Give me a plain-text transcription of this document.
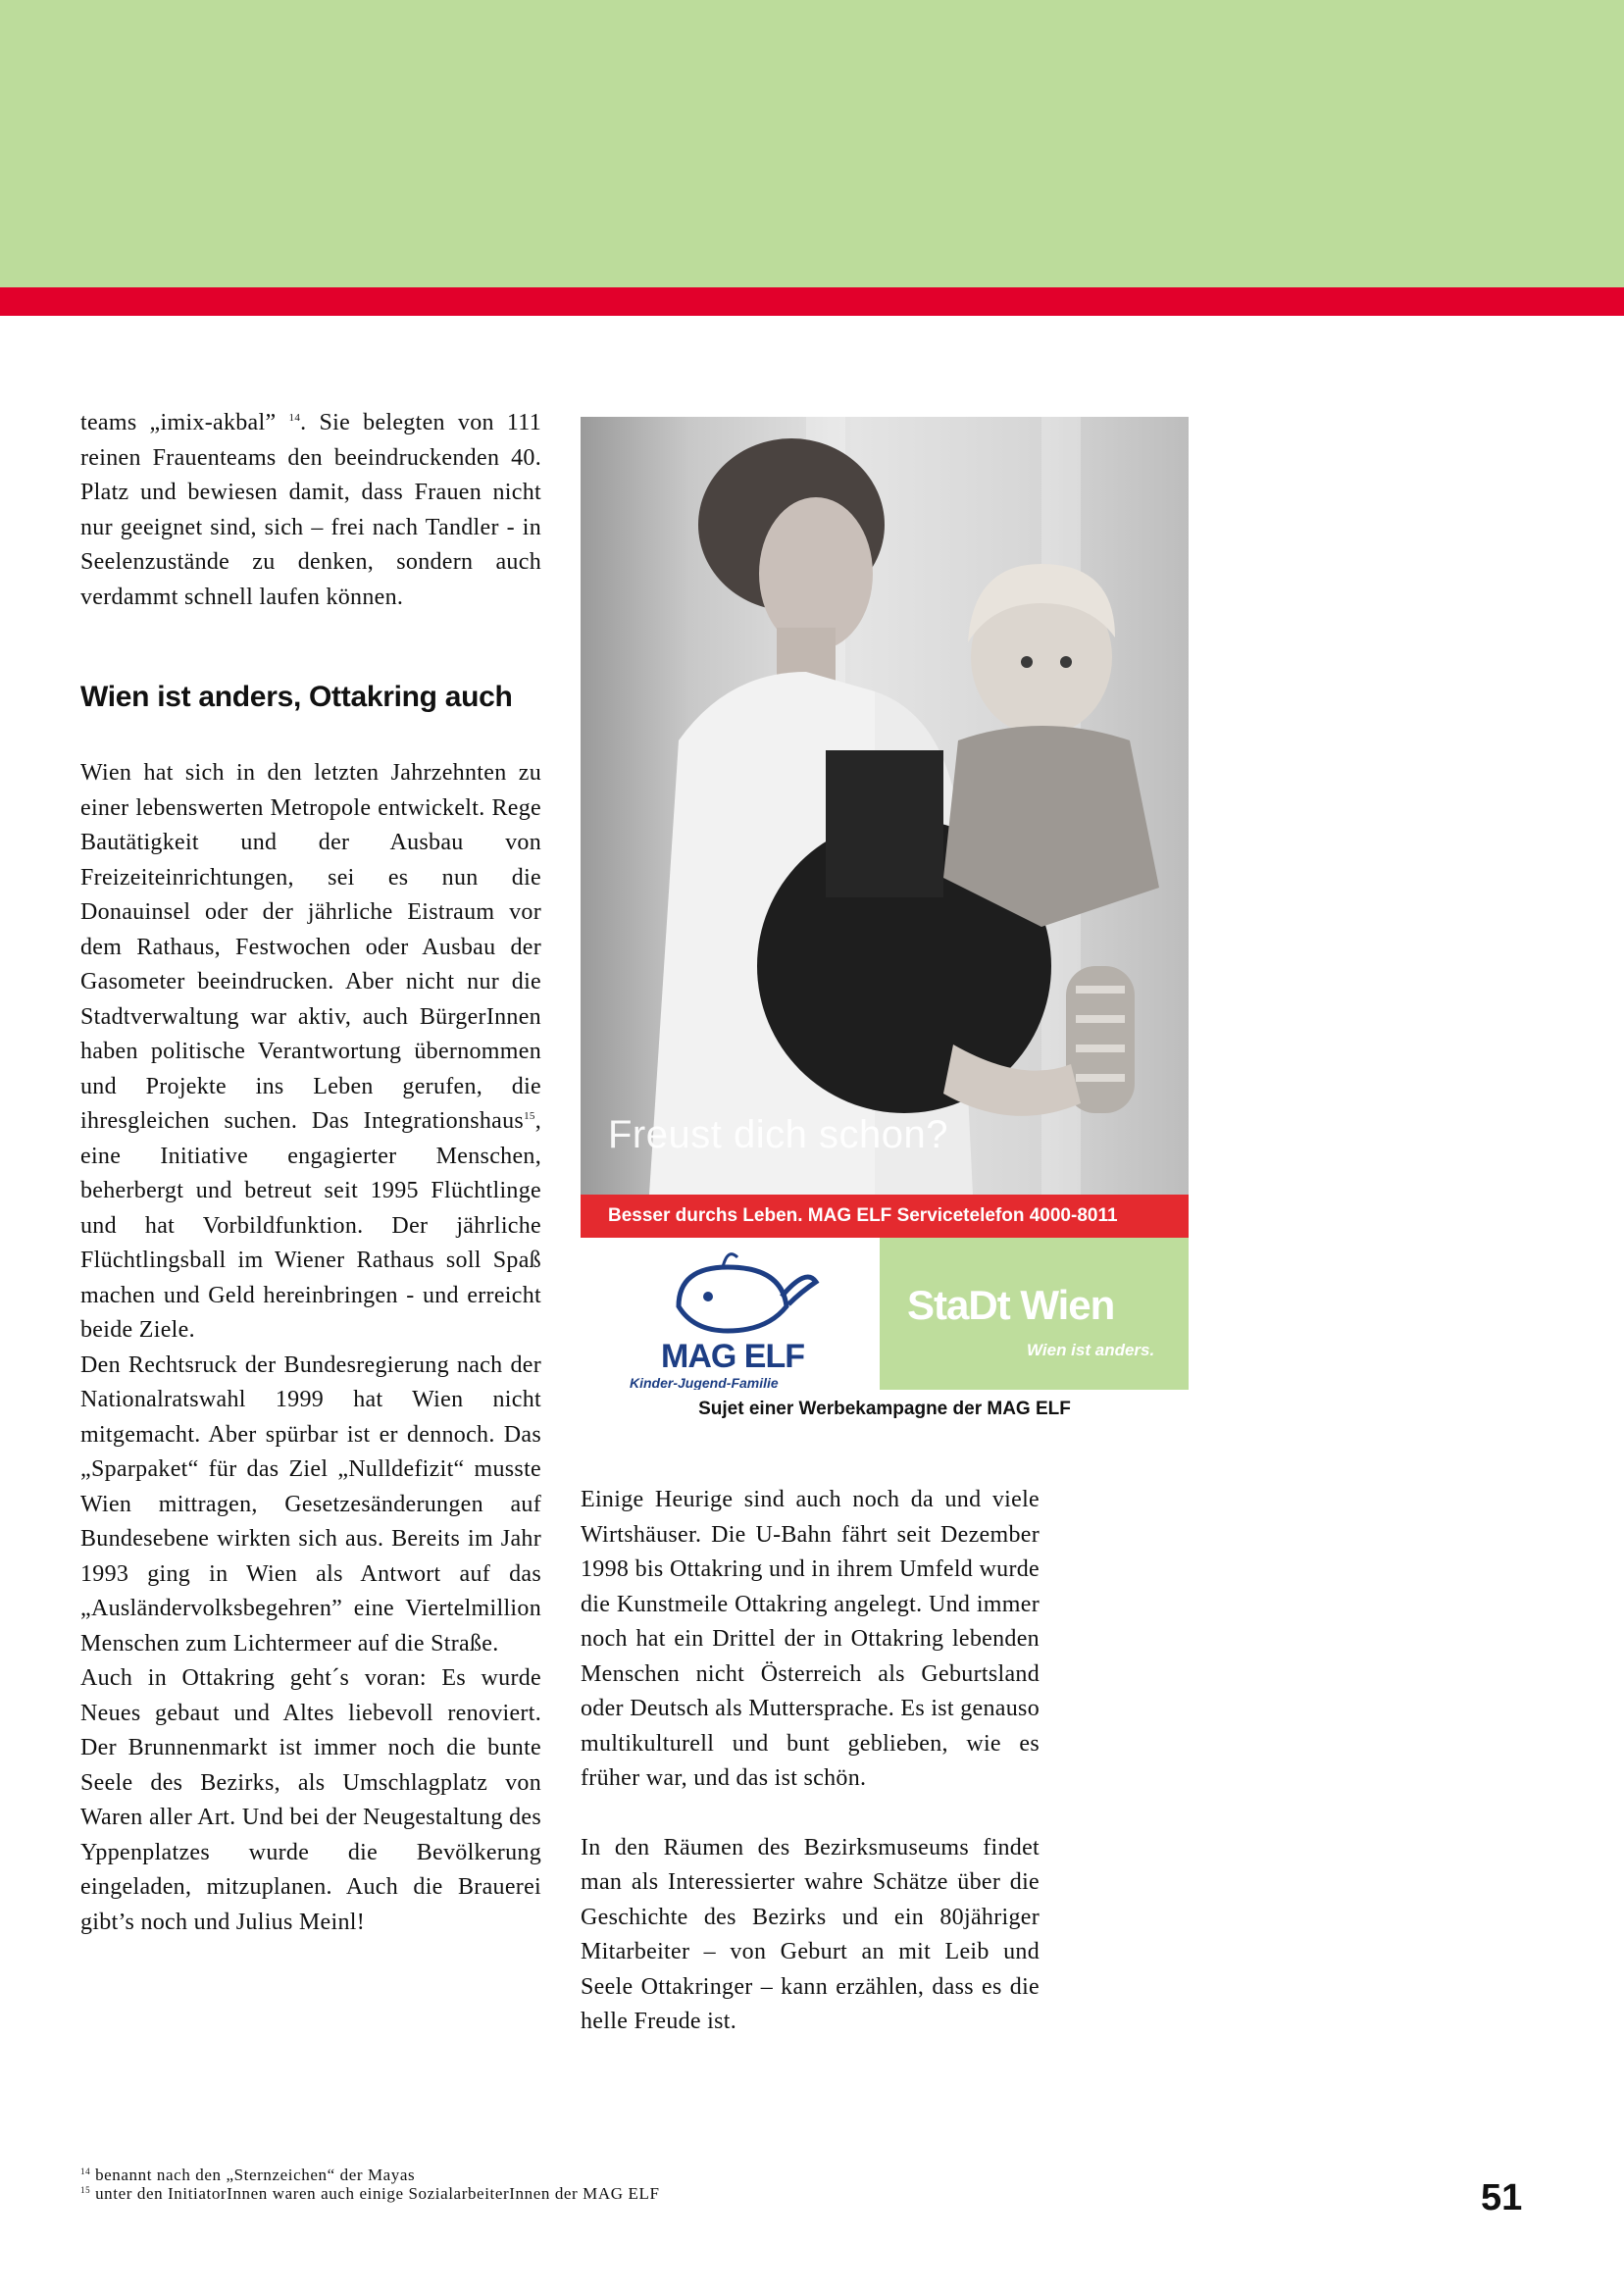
teams „imix-akbal” $^{14}$. Sie belegten von 111 reinen Frauenteams den beeindruckenden 40. Platz und bewiesen damit, dass Frauen nicht nur geeignet sind, sich – frei nach Tandler - in Seelenzustände zu denken, sondern auch verdammt schnell laufen können.

Wien ist anders, Ottakring auch

Wien hat sich in den letzten Jahrzehnten zu einer lebenswerten Metropole entwickelt. Rege Bautätigkeit und der Ausbau von Freizeiteinrichtungen, sei es nun die Donauinsel oder der jährliche Eistraum vor dem Rathaus, Festwochen oder Ausbau der Gasometer beeindrucken. Aber nicht nur die Stadtverwaltung war aktiv, auch BürgerInnen haben politische Verantwortung übernommen und Projekte ins Leben gerufen, die ihresgleichen suchen. Das Integrationshaus$^{15}$, eine Initiative engagierter Menschen, beherbergt und betreut seit 1995 Flüchtlinge und hat Vorbildfunktion. Der jährliche Flüchtlingsball im Wiener Rathaus soll Spaß machen und Geld hereinbringen - und erreicht beide Ziele.

Den Rechtsruck der Bundesregierung nach der Nationalratswahl 1999 hat Wien nicht mitgemacht. Aber spürbar ist er dennoch. Das „Sparpaket“ für das Ziel „Nulldefizit“ musste Wien mittragen, Gesetzesänderungen auf Bundesebene wirkten sich aus. Bereits im Jahr 1993 ging in Wien als Antwort auf das „Ausländervolksbegehren” eine Viertelmillion Menschen zum Lichtermeer auf die Straße.

Auch in Ottakring geht´s voran: Es wurde Neues gebaut und Altes liebevoll renoviert. Der Brunnenmarkt ist immer noch die bunte Seele des Bezirks, als Umschlagplatz von Waren aller Art. Und bei der Neugestaltung des Yppenplatzes wurde die Bevölkerung eingeladen, mitzuplanen. Auch die Brauerei gibt’s noch und Julius Meinl!

Freust dich schon?
Besser durchs Leben. MAG ELF Servicetelefon 4000-8011
MAG ELF
Kinder-Jugend-Familie
StaDt Wien
Wien ist anders.
Sujet einer Werbekampagne der MAG ELF

Einige Heurige sind auch noch da und viele Wirtshäuser. Die U-Bahn fährt seit Dezember 1998 bis Ottakring und in ihrem Umfeld wurde die Kunstmeile Ottakring angelegt. Und immer noch hat ein Drittel der in Ottakring lebenden Menschen nicht Österreich als Geburtsland oder Deutsch als Muttersprache. Es ist genauso multikulturell und bunt geblieben, wie es früher war, und das ist schön.

In den Räumen des Bezirksmuseums findet man als Interessierter wahre Schätze über die Geschichte des Bezirks und ein 80jähriger Mitarbeiter – von Geburt an mit Leib und Seele Ottakringer – kann erzählen, dass es die helle Freude ist.

$^{14}$ benannt nach den „Sternzeichen“ der Mayas

$^{15}$ unter den InitiatorInnen waren auch einige SozialarbeiterInnen der MAG ELF	51
